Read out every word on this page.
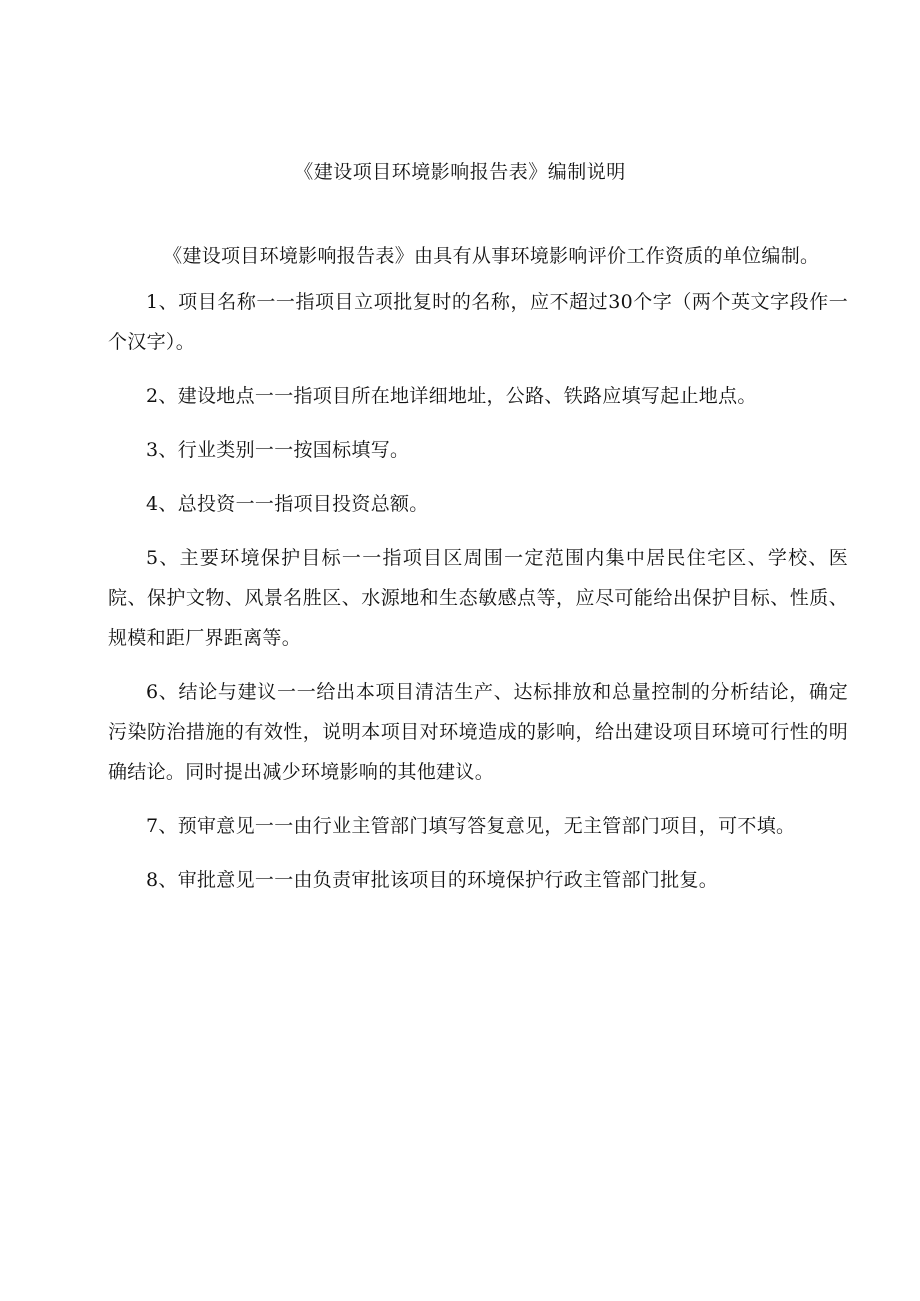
《建设项目环境影响报告表》编制说明

《建设项目环境影响报告表》由具有从事环境影响评价工作资质的单位编制。

1、项目名称一一指项目立项批复时的名称，应不超过30个字（两个英文字段作一个汉字）。

2、建设地点一一指项目所在地详细地址，公路、铁路应填写起止地点。

3、行业类别一一按国标填写。

4、总投资一一指项目投资总额。

5、主要环境保护目标一一指项目区周围一定范围内集中居民住宅区、学校、医院、保护文物、风景名胜区、水源地和生态敏感点等，应尽可能给出保护目标、性质、规模和距厂界距离等。

6、结论与建议一一给出本项目清洁生产、达标排放和总量控制的分析结论，确定污染防治措施的有效性，说明本项目对环境造成的影响，给出建设项目环境可行性的明确结论。同时提出减少环境影响的其他建议。

7、预审意见一一由行业主管部门填写答复意见，无主管部门项目，可不填。

8、审批意见一一由负责审批该项目的环境保护行政主管部门批复。
